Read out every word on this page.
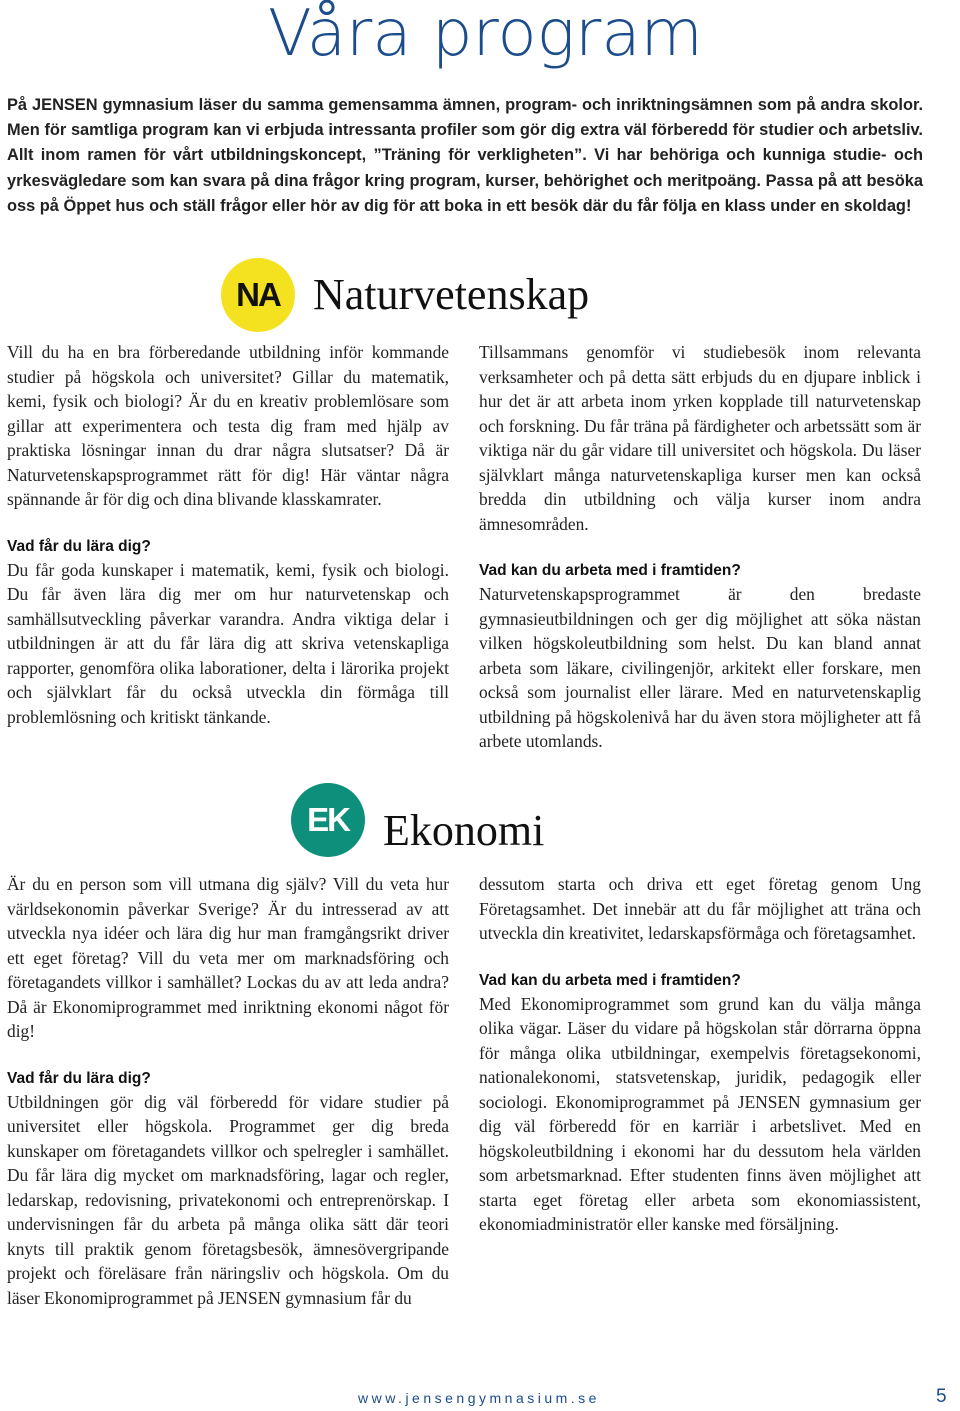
Våra program

På JENSEN gymnasium läser du samma gemensamma ämnen, program- och inriktningsämnen som på andra skolor. Men för samtliga program kan vi erbjuda intressanta profiler som gör dig extra väl förberedd för studier och arbetsliv. Allt inom ramen för vårt utbildningskoncept, ”Träning för verkligheten”. Vi har behöriga och kunniga studie- och yrkesvägledare som kan svara på dina frågor kring program, kurser, behörighet och meritpoäng. Passa på att besöka oss på Öppet hus och ställ frågor eller hör av dig för att boka in ett besök där du får följa en klass under en skoldag!

NA Naturvetenskap

Vill du ha en bra förberedande utbildning inför kommande studier på högskola och universitet? Gillar du matematik, kemi, fysik och biologi? Är du en kreativ problemlösare som gillar att experimentera och testa dig fram med hjälp av praktiska lösningar innan du drar några slutsatser? Då är Naturvetenskapsprogrammet rätt för dig! Här väntar några spännande år för dig och dina blivande klasskamrater.

Vad får du lära dig?

Du får goda kunskaper i matematik, kemi, fysik och biologi. Du får även lära dig mer om hur naturvetenskap och samhällsutveckling påverkar varandra. Andra viktiga delar i utbildningen är att du får lära dig att skriva vetenskapliga rapporter, genomföra olika laborationer, delta i lärorika projekt och självklart får du också utveckla din förmåga till problemlösning och kritiskt tänkande.

Tillsammans genomför vi studiebesök inom relevanta verksamheter och på detta sätt erbjuds du en djupare inblick i hur det är att arbeta inom yrken kopplade till naturvetenskap och forskning. Du får träna på färdigheter och arbetssätt som är viktiga när du går vidare till universitet och högskola. Du läser självklart många naturvetenskapliga kurser men kan också bredda din utbildning och välja kurser inom andra ämnesområden.

Vad kan du arbeta med i framtiden?

Naturvetenskapsprogrammet är den bredaste gymnasieutbildningen och ger dig möjlighet att söka nästan vilken högskoleutbildning som helst. Du kan bland annat arbeta som läkare, civilingenjör, arkitekt eller forskare, men också som journalist eller lärare. Med en naturvetenskaplig utbildning på högskolenivå har du även stora möjligheter att få arbete utomlands.

EK Ekonomi

Är du en person som vill utmana dig själv? Vill du veta hur världsekonomin påverkar Sverige? Är du intresserad av att utveckla nya idéer och lära dig hur man framgångsrikt driver ett eget företag? Vill du veta mer om marknadsföring och företagandets villkor i samhället? Lockas du av att leda andra? Då är Ekonomiprogrammet med inriktning ekonomi något för dig!

Vad får du lära dig?

Utbildningen gör dig väl förberedd för vidare studier på universitet eller högskola. Programmet ger dig breda kunskaper om företagandets villkor och spelregler i samhället. Du får lära dig mycket om marknadsföring, lagar och regler, ledarskap, redovisning, privatekonomi och entreprenörskap. I undervisningen får du arbeta på många olika sätt där teori knyts till praktik genom företagsbesök, ämnesövergripande projekt och föreläsare från näringsliv och högskola. Om du läser Ekonomiprogrammet på JENSEN gymnasium får du

dessutom starta och driva ett eget företag genom Ung Företagsamhet. Det innebär att du får möjlighet att träna och utveckla din kreativitet, ledarskapsförmåga och företagsamhet.

Vad kan du arbeta med i framtiden?

Med Ekonomiprogrammet som grund kan du välja många olika vägar. Läser du vidare på högskolan står dörrarna öppna för många olika utbildningar, exempelvis företagsekonomi, nationalekonomi, statsvetenskap, juridik, pedagogik eller sociologi. Ekonomiprogrammet på JENSEN gymnasium ger dig väl förberedd för en karriär i arbetslivet. Med en högskoleutbildning i ekonomi har du dessutom hela världen som arbetsmarknad. Efter studenten finns även möjlighet att starta eget företag eller arbeta som ekonomiassistent, ekonomiadministratör eller kanske med försäljning.

www.jensengymnasium.se	5
